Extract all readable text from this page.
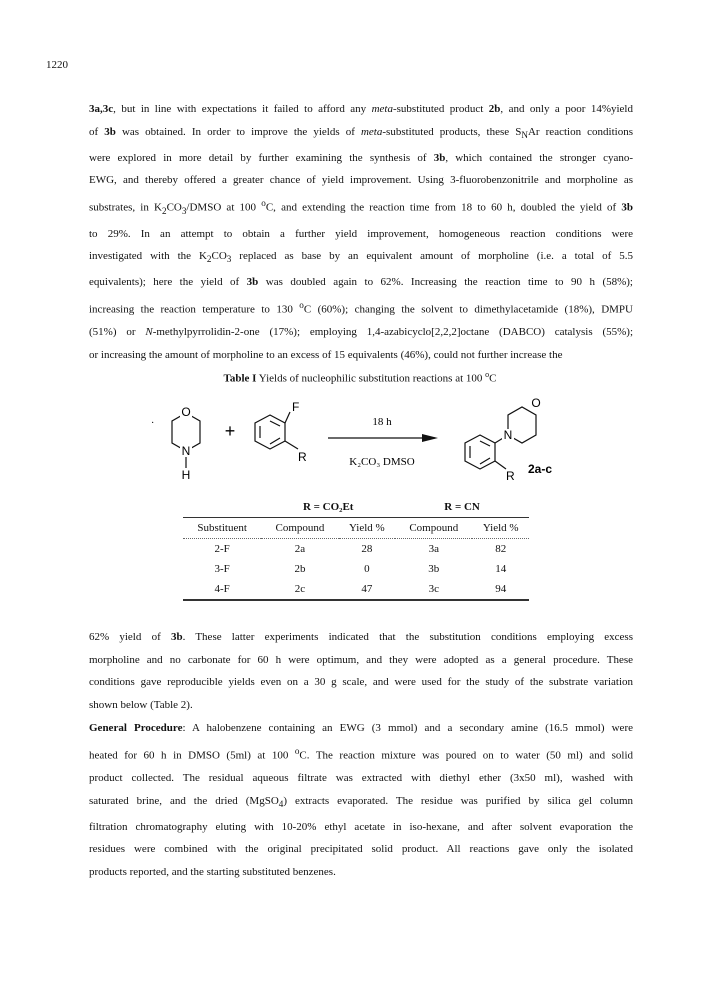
1220
3a,3c, but in line with expectations it failed to afford any meta-substituted product 2b, and only a poor 14%yield
of 3b was obtained. In order to improve the yields of meta-substituted products, these $S_NAr$ reaction conditions
were explored in more detail by further examining the synthesis of 3b, which contained the stronger cyano-
EWG, and thereby offered a greater chance of yield improvement. Using 3-fluorobenzonitrile and morpholine as
substrates, in $K_2CO_3$/DMSO at 100 $^o$C, and extending the reaction time from 18 to 60 h, doubled the yield of 3b
to 29%. In an attempt to obtain a further yield improvement, homogeneous reaction conditions were
investigated with the $K_2CO_3$ replaced as base by an equivalent amount of morpholine (i.e. a total of 5.5
equivalents); here the yield of 3b was doubled again to 62%. Increasing the reaction time to 90 h (58%);
increasing the reaction temperature to 130 $^o$C (60%); changing the solvent to dimethylacetamide (18%), DMPU
(51%) or N-methylpyrrolidin-2-one (17%); employing 1,4-azabicyclo[2,2,2]octane (DABCO) catalysis (55%);
or increasing the amount of morpholine to an excess of 15 equivalents (46%), could not further increase the
Table I Yields of nucleophilic substitution reactions at 100 $^o$C
·
O
N
H
+
F
R
18 h
K₂CO₃ DMSO
O
N
R 2a-c
	R = CO₂Et		R = CN	
Substituent	Compound	Yield %	Compound	Yield %
2-F	2a	28	3a	82
3-F	2b	0	3b	14
4-F	2c	47	3c	94
62% yield of 3b. These latter experiments indicated that the substitution conditions employing excess
morpholine and no carbonate for 60 h were optimum, and they were adopted as a general procedure. These
conditions gave reproducible yields even on a 30 g scale, and were used for the study of the substrate variation
shown below (Table 2).
General Procedure: A halobenzene containing an EWG (3 mmol) and a secondary amine (16.5 mmol) were
heated for 60 h in DMSO (5ml) at 100 $^o$C. The reaction mixture was poured on to water (50 ml) and solid
product collected. The residual aqueous filtrate was extracted with diethyl ether (3x50 ml), washed with
saturated brine, and the dried (MgSO$_4$) extracts evaporated. The residue was purified by silica gel column
filtration chromatography eluting with 10-20% ethyl acetate in iso-hexane, and after solvent evaporation the
residues were combined with the original precipitated solid product. All reactions gave only the isolated
products reported, and the starting substituted benzenes.
